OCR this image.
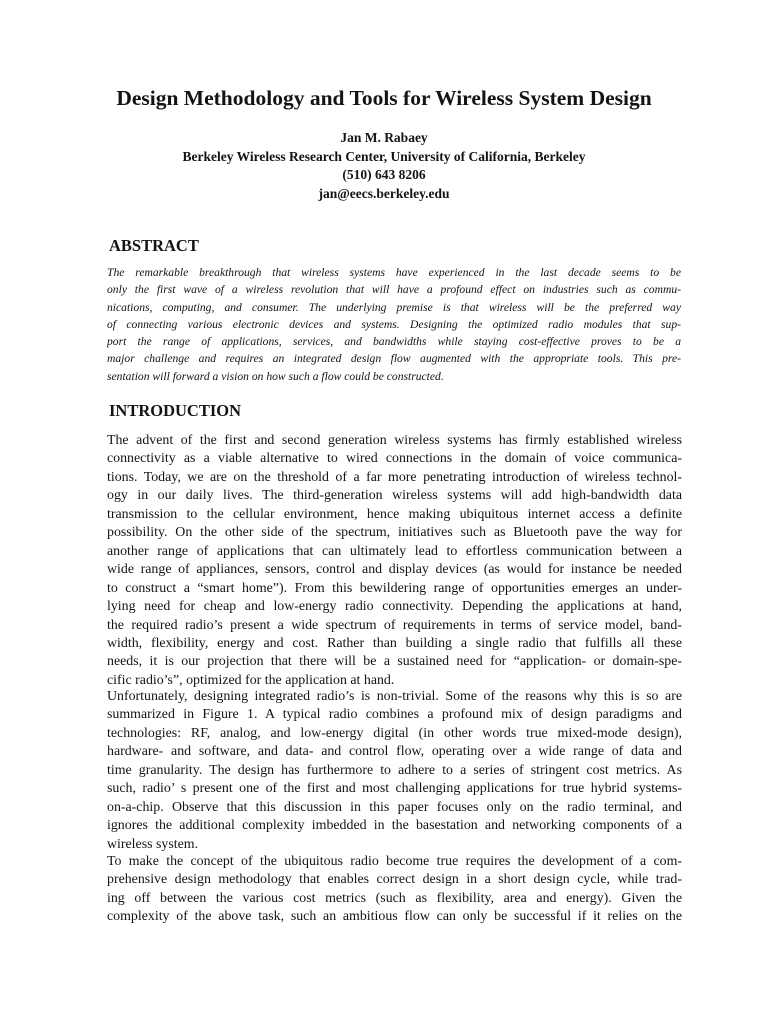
Design Methodology and Tools for Wireless System Design
Jan M. Rabaey
Berkeley Wireless Research Center, University of California, Berkeley
(510) 643 8206
jan@eecs.berkeley.edu
ABSTRACT
The remarkable breakthrough that wireless systems have experienced in the last decade seems to be
only the first wave of a wireless revolution that will have a profound effect on industries such as commu-
nications, computing, and consumer. The underlying premise is that wireless will be the preferred way
of connecting various electronic devices and systems. Designing the optimized radio modules that sup-
port the range of applications, services, and bandwidths while staying cost-effective proves to be a
major challenge and requires an integrated design flow augmented with the appropriate tools. This pre-
sentation will forward a vision on how such a flow could be constructed.
INTRODUCTION
The advent of the first and second generation wireless systems has firmly established wireless
connectivity as a viable alternative to wired connections in the domain of voice communica-
tions. Today, we are on the threshold of a far more penetrating introduction of wireless technol-
ogy in our daily lives. The third-generation wireless systems will add high-bandwidth data
transmission to the cellular environment, hence making ubiquitous internet access a definite
possibility. On the other side of the spectrum, initiatives such as Bluetooth pave the way for
another range of applications that can ultimately lead to effortless communication between a
wide range of appliances, sensors, control and display devices (as would for instance be needed
to construct a “smart home”). From this bewildering range of opportunities emerges an under-
lying need for cheap and low-energy radio connectivity. Depending the applications at hand,
the required radio’s present a wide spectrum of requirements in terms of service model, band-
width, flexibility, energy and cost. Rather than building a single radio that fulfills all these
needs, it is our projection that there will be a sustained need for “application- or domain-spe-
cific radio’s”, optimized for the application at hand.
Unfortunately, designing integrated radio’s is non-trivial. Some of the reasons why this is so are
summarized in Figure 1. A typical radio combines a profound mix of design paradigms and
technologies: RF, analog, and low-energy digital (in other words true mixed-mode design),
hardware- and software, and data- and control flow, operating over a wide range of data and
time granularity. The design has furthermore to adhere to a series of stringent cost metrics. As
such, radio’ s present one of the first and most challenging applications for true hybrid systems-
on-a-chip. Observe that this discussion in this paper focuses only on the radio terminal, and
ignores the additional complexity imbedded in the basestation and networking components of a
wireless system.
To make the concept of the ubiquitous radio become true requires the development of a com-
prehensive design methodology that enables correct design in a short design cycle, while trad-
ing off between the various cost metrics (such as flexibility, area and energy). Given the
complexity of the above task, such an ambitious flow can only be successful if it relies on the
